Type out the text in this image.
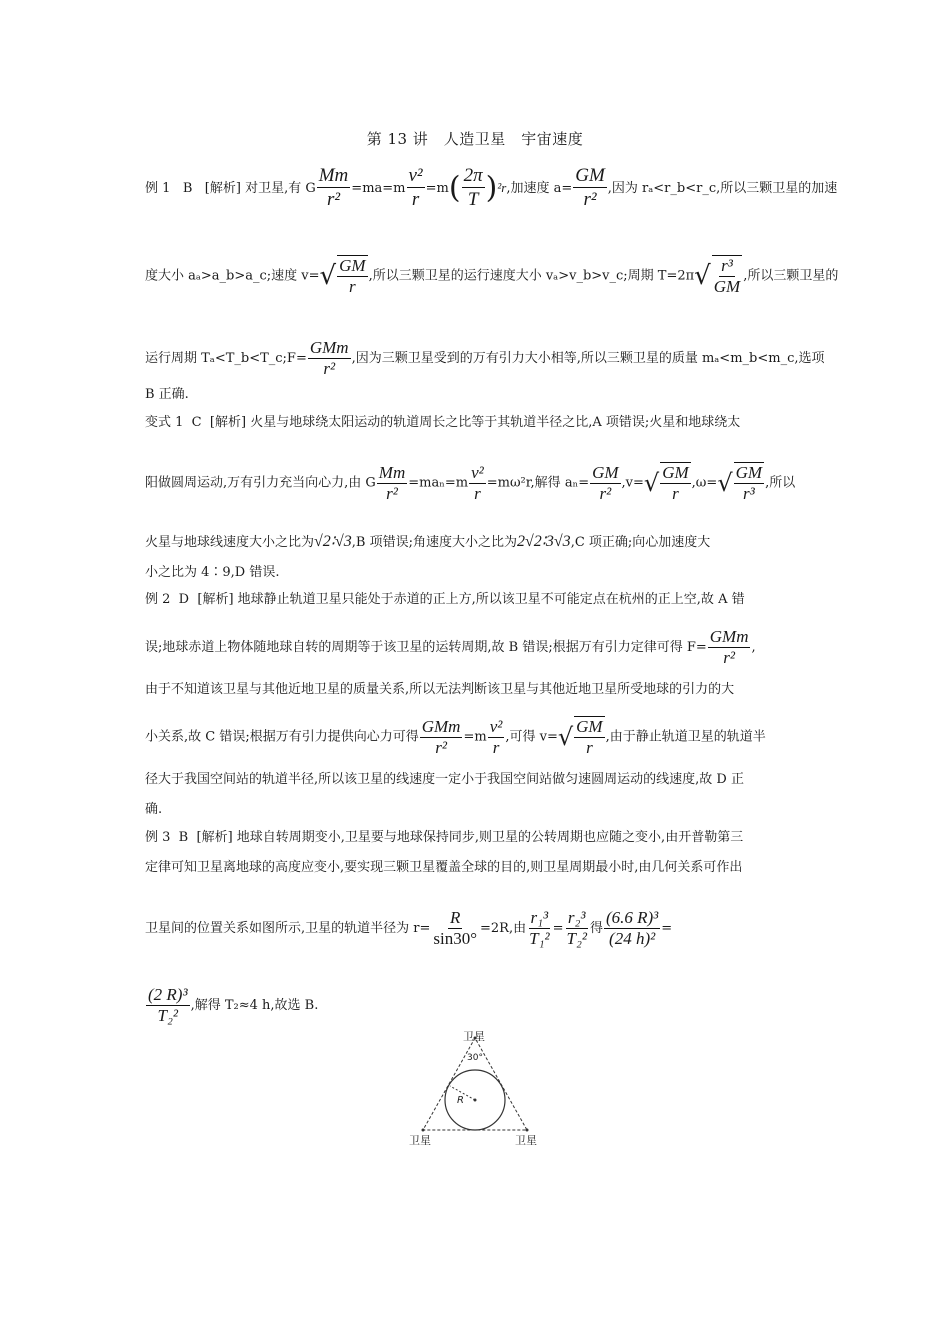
第 13 讲　人造卫星　宇宙速度
例 1 B [解析] 对卫星,有 G $\frac{Mm}{\text{r²}} =ma=m \frac{\text{v²}}{r} =m( \frac{2\pi}{T} )^2r$,加速度 $a= \frac{GM}{\text{r²}}$ ,因为 rₐ<r_b<r_c,所以三颗卫星的加速
度大小 aₐ>a_b>a_c;速度 $v=√ \frac{GM}{r}$ ,所以三颗卫星的运行速度大小 vₐ>v_b>v_c;周期 $T=2\pi√ \frac{\text{r³}}{GM}$ ,所以三颗卫星的
运行周期 Tₐ<T_b<T_c;F= $\frac{\text{GMm}}{\text{r²}}$ ,因为三颗卫星受到的万有引力大小相等,所以三颗卫星的质量 mₐ<m_b<m_c,选项
B 正确.
变式 1 C [解析] 火星与地球绕太阳运动的轨道周长之比等于其轨道半径之比,A 项错误;火星和地球绕太
阳做圆周运动,万有引力充当向心力,由 G $\frac{Mm}{\text{r²}} =ma_n=m \frac{\text{v²}}{r} =m\omega^2r$,解得 $a_n= \frac{GM}{\text{r²}} ,v=√ \frac{GM}{r} ,\omega=√ \frac{GM}{\text{r³}}$ ,所以
火星与地球线速度大小之比为√2∶√3,B 项错误;角速度大小之比为2√2∶3√3,C 项正确;向心加速度大
小之比为 4∶9,D 错误.
例 2 D [解析] 地球静止轨道卫星只能处于赤道的正上方,所以该卫星不可能定点在杭州的正上空,故 A 错
误;地球赤道上物体随地球自转的周期等于该卫星的运转周期,故 B 错误;根据万有引力定律可得 $F= \frac{\text{GMm}}{\text{r²}}$ ,
由于不知道该卫星与其他近地卫星的质量关系,所以无法判断该卫星与其他近地卫星所受地球的引力的大
小关系,故 C 错误;根据万有引力提供向心力可得 $\frac{\text{GMm}}{\text{r²}} =m \frac{\text{v²}}{r}$ ,可得 $v=√ \frac{GM}{r}$ ,由于静止轨道卫星的轨道半
径大于我国空间站的轨道半径,所以该卫星的线速度一定小于我国空间站做匀速圆周运动的线速度,故 D 正
确.
例 3 B [解析] 地球自转周期变小,卫星要与地球保持同步,则卫星的公转周期也应随之变小,由开普勒第三
定律可知卫星离地球的高度应变小,要实现三颗卫星覆盖全球的目的,则卫星周期最小时,由几何关系可作出
卫星间的位置关系如图所示,卫星的轨道半径为 $r= \frac{R}{\sin 30^\circ} =2R$,由 $\frac{\text{r₁³}}{\text{T₁²}} = \frac{\text{r₂³}}{\text{T₂²}}$ 得 $\frac{\text{(6.6 R)³}}{\text{(24 h)²}}$ =
$\frac{\text{(2 R)³}}{\text{T₂²}}$ ,解得 T₂≈4 h,故选 B.
卫星
30°
R
卫星	卫星
